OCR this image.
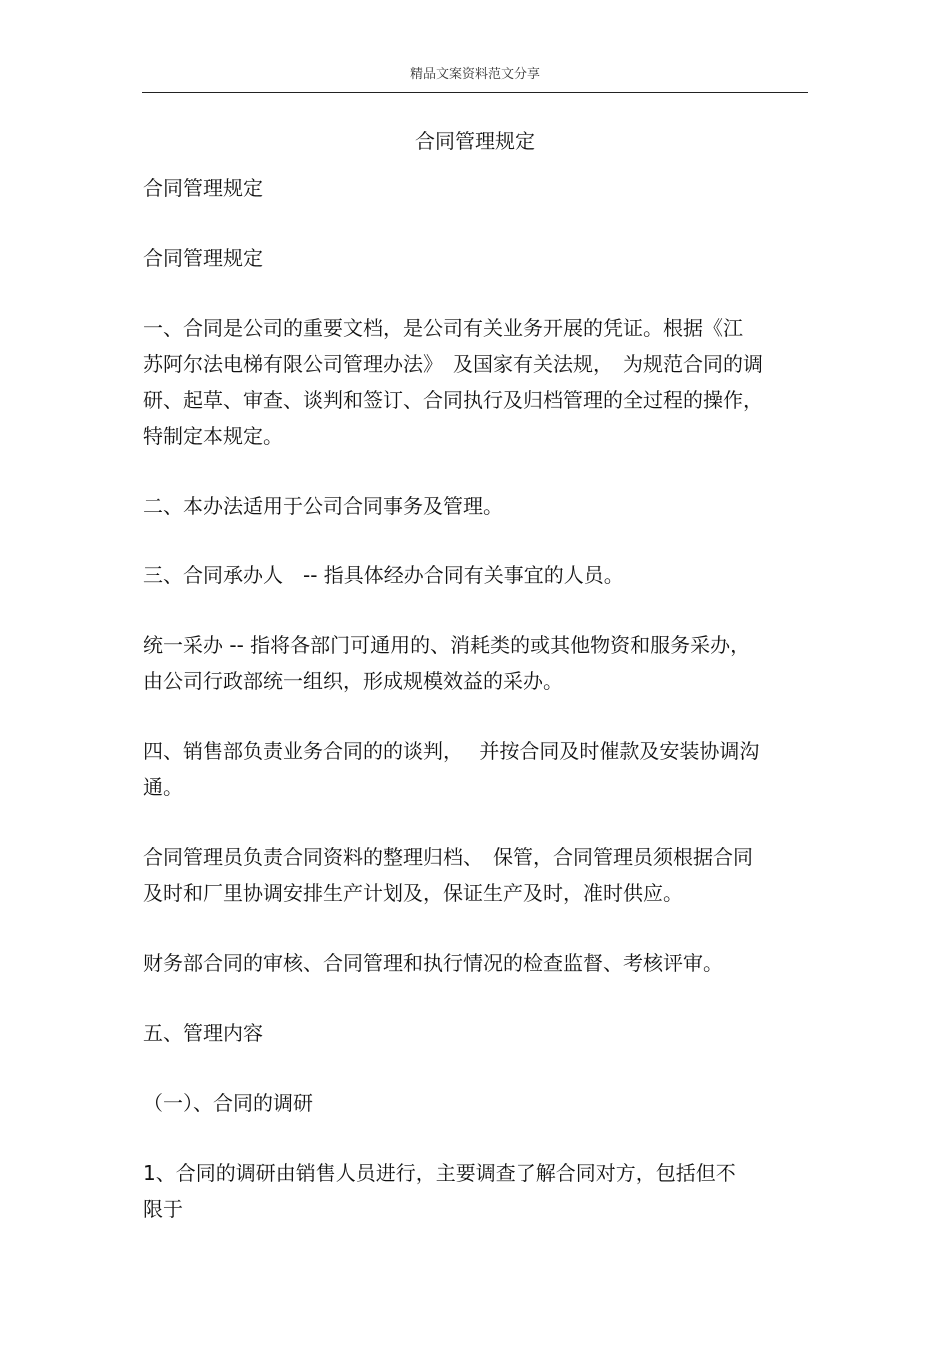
精品文案资料范文分享
合同管理规定

合同管理规定

合同管理规定

一、合同是公司的重要文档，是公司有关业务开展的凭证。根据《江
苏阿尔法电梯有限公司管理办法》　及国家有关法规，　为规范合同的调
研、起草、审查、谈判和签订、合同执行及归档管理的全过程的操作，
特制定本规定。

二、本办法适用于公司合同事务及管理。

三、合同承办人　-- 指具体经办合同有关事宜的人员。

统一采办 -- 指将各部门可通用的、消耗类的或其他物资和服务采办，
由公司行政部统一组织，形成规模效益的采办。

四、销售部负责业务合同的的谈判，　 并按合同及时催款及安装协调沟
通。

合同管理员负责合同资料的整理归档、　保管，合同管理员须根据合同
及时和厂里协调安排生产计划及，保证生产及时，准时供应。

财务部合同的审核、合同管理和执行情况的检查监督、考核评审。

五、管理内容

（一）、合同的调研

1、合同的调研由销售人员进行，主要调查了解合同对方，包括但不
限于
